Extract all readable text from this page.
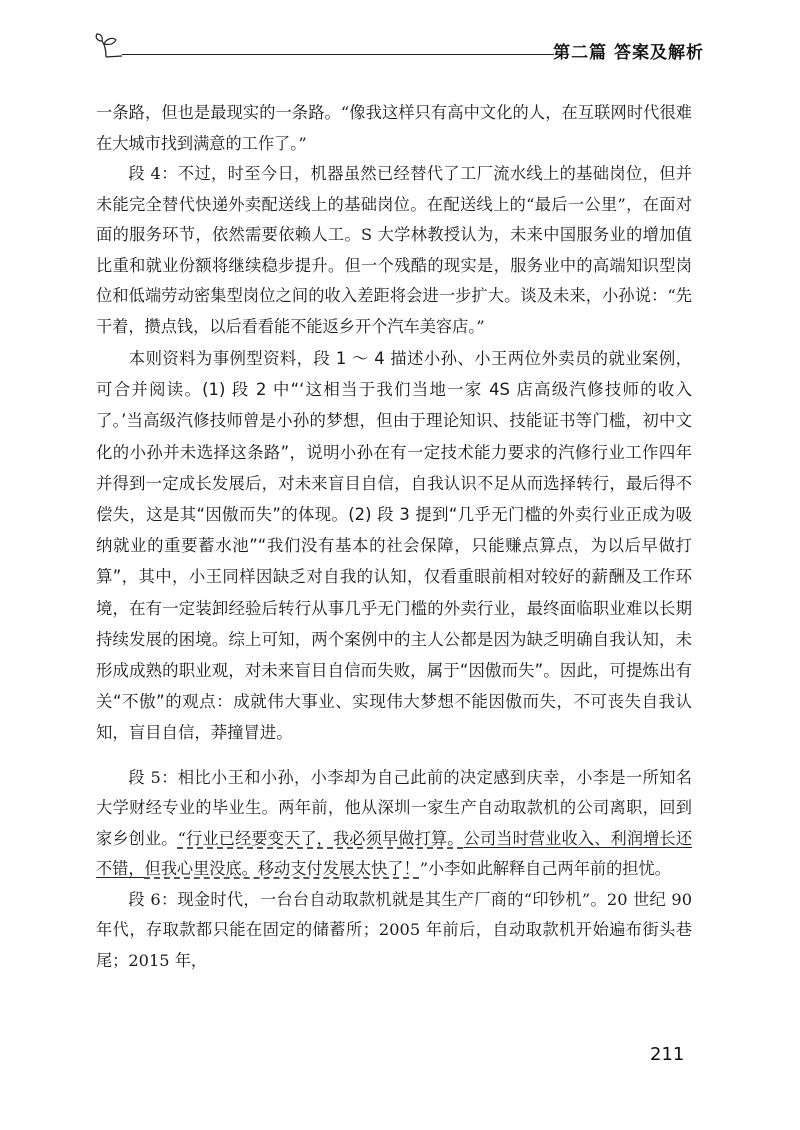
第二篇 答案及解析

一条路，但也是最现实的一条路。“像我这样只有高中文化的人，在互联网时代很难在大城市找到满意的工作了。”

段 4：不过，时至今日，机器虽然已经替代了工厂流水线上的基础岗位，但并未能完全替代快递外卖配送线上的基础岗位。在配送线上的“最后一公里”，在面对面的服务环节，依然需要依赖人工。S 大学林教授认为，未来中国服务业的增加值比重和就业份额将继续稳步提升。但一个残酷的现实是，服务业中的高端知识型岗位和低端劳动密集型岗位之间的收入差距将会进一步扩大。谈及未来，小孙说：“先干着，攒点钱，以后看看能不能返乡开个汽车美容店。”

本则资料为事例型资料，段 1 ～ 4 描述小孙、小王两位外卖员的就业案例，可合并阅读。(1) 段 2 中“‘这相当于我们当地一家 4S 店高级汽修技师的收入了。’当高级汽修技师曾是小孙的梦想，但由于理论知识、技能证书等门槛，初中文化的小孙并未选择这条路”，说明小孙在有一定技术能力要求的汽修行业工作四年并得到一定成长发展后，对未来盲目自信，自我认识不足从而选择转行，最后得不偿失，这是其“因傲而失”的体现。(2) 段 3 提到“几乎无门槛的外卖行业正成为吸纳就业的重要蓄水池”“我们没有基本的社会保障，只能赚点算点，为以后早做打算”，其中，小王同样因缺乏对自我的认知，仅看重眼前相对较好的薪酬及工作环境，在有一定装卸经验后转行从事几乎无门槛的外卖行业，最终面临职业难以长期持续发展的困境。综上可知，两个案例中的主人公都是因为缺乏明确自我认知，未形成成熟的职业观，对未来盲目自信而失败，属于“因傲而失”。因此，可提炼出有关“不傲”的观点：成就伟大事业、实现伟大梦想不能因傲而失，不可丧失自我认知，盲目自信，莽撞冒进。

段 5：相比小王和小孙，小李却为自己此前的决定感到庆幸，小李是一所知名大学财经专业的毕业生。两年前，他从深圳一家生产自动取款机的公司离职，回到家乡创业。“行业已经要变天了，我必须早做打算。公司当时营业收入、利润增长还不错，但我心里没底。移动支付发展太快了！”小李如此解释自己两年前的担忧。

段 6：现金时代，一台台自动取款机就是其生产厂商的“印钞机”。20 世纪 90 年代，存取款都只能在固定的储蓄所；2005 年前后，自动取款机开始遍布街头巷尾；2015 年，

211
